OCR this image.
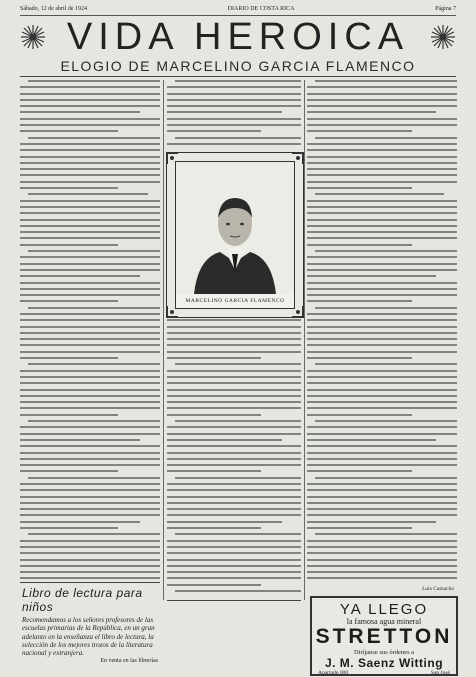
Sábado, 12 de abril de 1924	DIARIO DE COSTA RICA	Página 7
VIDA HEROICA
ELOGIO DE MARCELINO GARCIA FLAMENCO
MARCELINO GARCIA FLAMENCO
Libro de lectura para niños
Recomendamos a los señores profesores de las escuelas primarias de la República, en un gran adelanto en la enseñanza el libro de lectura, la selección de los mejores trozos de la literatura nacional y extranjera.
En venta en las librerías
Luis Camacho
YA LLEGO
la famosa agua mineral
STRETTON
Diríjanse sus órdenes a
J. M. Saenz Witting
Apartado 000	San José
